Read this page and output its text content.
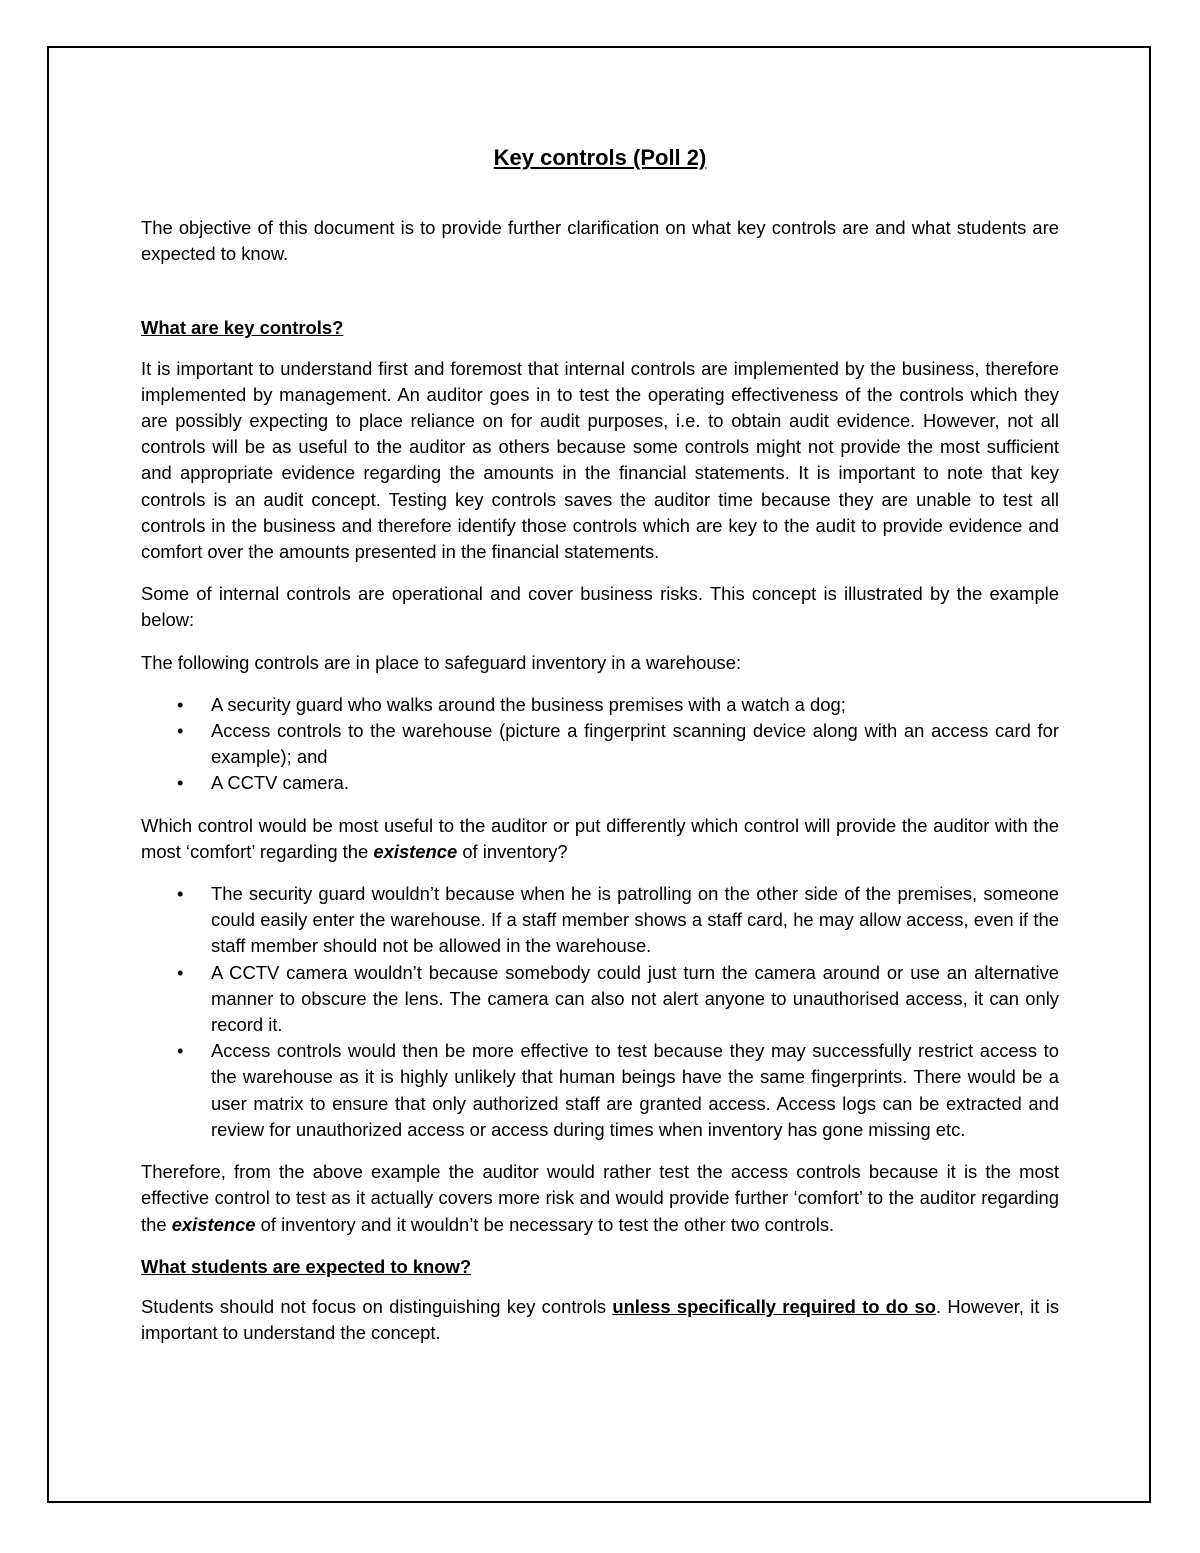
Key controls (Poll 2)

The objective of this document is to provide further clarification on what key controls are and what students are expected to know.

What are key controls?

It is important to understand first and foremost that internal controls are implemented by the business, therefore implemented by management. An auditor goes in to test the operating effectiveness of the controls which they are possibly expecting to place reliance on for audit purposes, i.e. to obtain audit evidence. However, not all controls will be as useful to the auditor as others because some controls might not provide the most sufficient and appropriate evidence regarding the amounts in the financial statements. It is important to note that key controls is an audit concept. Testing key controls saves the auditor time because they are unable to test all controls in the business and therefore identify those controls which are key to the audit to provide evidence and comfort over the amounts presented in the financial statements.

Some of internal controls are operational and cover business risks. This concept is illustrated by the example below:

The following controls are in place to safeguard inventory in a warehouse:

• A security guard who walks around the business premises with a watch a dog;
• Access controls to the warehouse (picture a fingerprint scanning device along with an access card for example); and
• A CCTV camera.

Which control would be most useful to the auditor or put differently which control will provide the auditor with the most ‘comfort’ regarding the existence of inventory?

• The security guard wouldn’t because when he is patrolling on the other side of the premises, someone could easily enter the warehouse. If a staff member shows a staff card, he may allow access, even if the staff member should not be allowed in the warehouse.
• A CCTV camera wouldn’t because somebody could just turn the camera around or use an alternative manner to obscure the lens. The camera can also not alert anyone to unauthorised access, it can only record it.
• Access controls would then be more effective to test because they may successfully restrict access to the warehouse as it is highly unlikely that human beings have the same fingerprints. There would be a user matrix to ensure that only authorized staff are granted access. Access logs can be extracted and review for unauthorized access or access during times when inventory has gone missing etc.

Therefore, from the above example the auditor would rather test the access controls because it is the most effective control to test as it actually covers more risk and would provide further ‘comfort’ to the auditor regarding the existence of inventory and it wouldn’t be necessary to test the other two controls.

What students are expected to know?

Students should not focus on distinguishing key controls unless specifically required to do so. However, it is important to understand the concept.
